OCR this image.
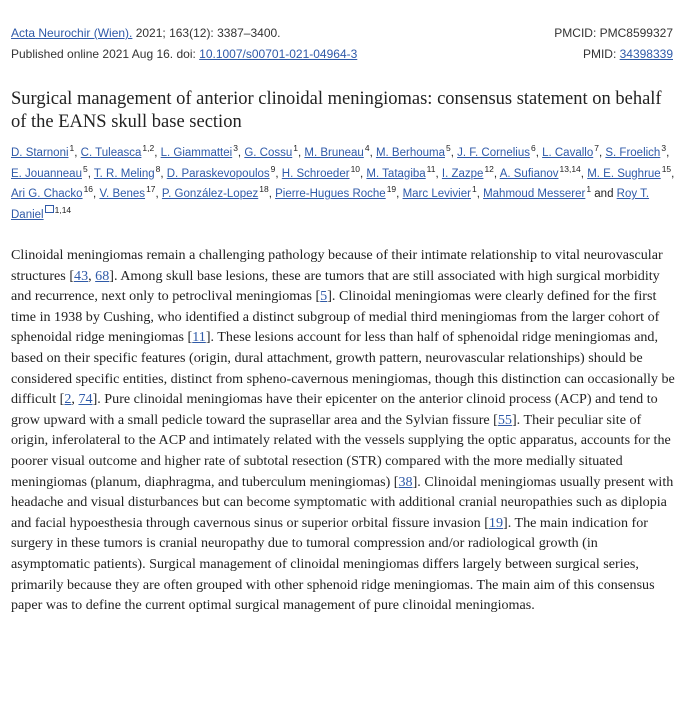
Acta Neurochir (Wien). 2021; 163(12): 3387–3400.
Published online 2021 Aug 16. doi: 10.1007/s00701-021-04964-3
PMCID: PMC8599327
PMID: 34398339
Surgical management of anterior clinoidal meningiomas: consensus statement on behalf of the EANS skull base section
D. Starnoni$^1$, C. Tuleasca$^{1,2}$, L. Giammattei$^3$, G. Cossu$^1$, M. Bruneau$^4$, M. Berhouma$^5$, J. F. Cornelius$^6$, L. Cavallo$^7$, S. Froelich$^3$, E. Jouanneau$^5$, T. R. Meling$^8$, D. Paraskevopoulos$^9$, H. Schroeder$^{10}$, M. Tatagiba$^{11}$, I. Zazpe$^{12}$, A. Sufianov$^{13,14}$, M. E. Sughrue$^{15}$, Ari G. Chacko$^{16}$, V. Benes$^{17}$, P. González-Lopez$^{18}$, Pierre-Hugues Roche$^{19}$, Marc Levivier$^1$, Mahmoud Messerer$^1$ and Roy T. Daniel $^{1,14}$

Clinoidal meningiomas remain a challenging pathology because of their intimate relationship to vital neurovascular structures [43, 68]. Among skull base lesions, these are tumors that are still associated with high surgical morbidity and recurrence, next only to petroclival meningiomas [5]. Clinoidal meningiomas were clearly defined for the first time in 1938 by Cushing, who identified a distinct subgroup of medial third meningiomas from the larger cohort of sphenoidal ridge meningiomas [11]. These lesions account for less than half of sphenoidal ridge meningiomas and, based on their specific features (origin, dural attachment, growth pattern, neurovascular relationships) should be considered specific entities, distinct from spheno-cavernous meningiomas, though this distinction can occasionally be difficult [2, 74]. Pure clinoidal meningiomas have their epicenter on the anterior clinoid process (ACP) and tend to grow upward with a small pedicle toward the suprasellar area and the Sylvian fissure [55]. Their peculiar site of origin, inferolateral to the ACP and intimately related with the vessels supplying the optic apparatus, accounts for the poorer visual outcome and higher rate of subtotal resection (STR) compared with the more medially situated meningiomas (planum, diaphragma, and tuberculum meningiomas) [38]. Clinoidal meningiomas usually present with headache and visual disturbances but can become symptomatic with additional cranial neuropathies such as diplopia and facial hypoesthesia through cavernous sinus or superior orbital fissure invasion [19]. The main indication for surgery in these tumors is cranial neuropathy due to tumoral compression and/or radiological growth (in asymptomatic patients). Surgical management of clinoidal meningiomas differs largely between surgical series, primarily because they are often grouped with other sphenoid ridge meningiomas. The main aim of this consensus paper was to define the current optimal surgical management of pure clinoidal meningiomas.
